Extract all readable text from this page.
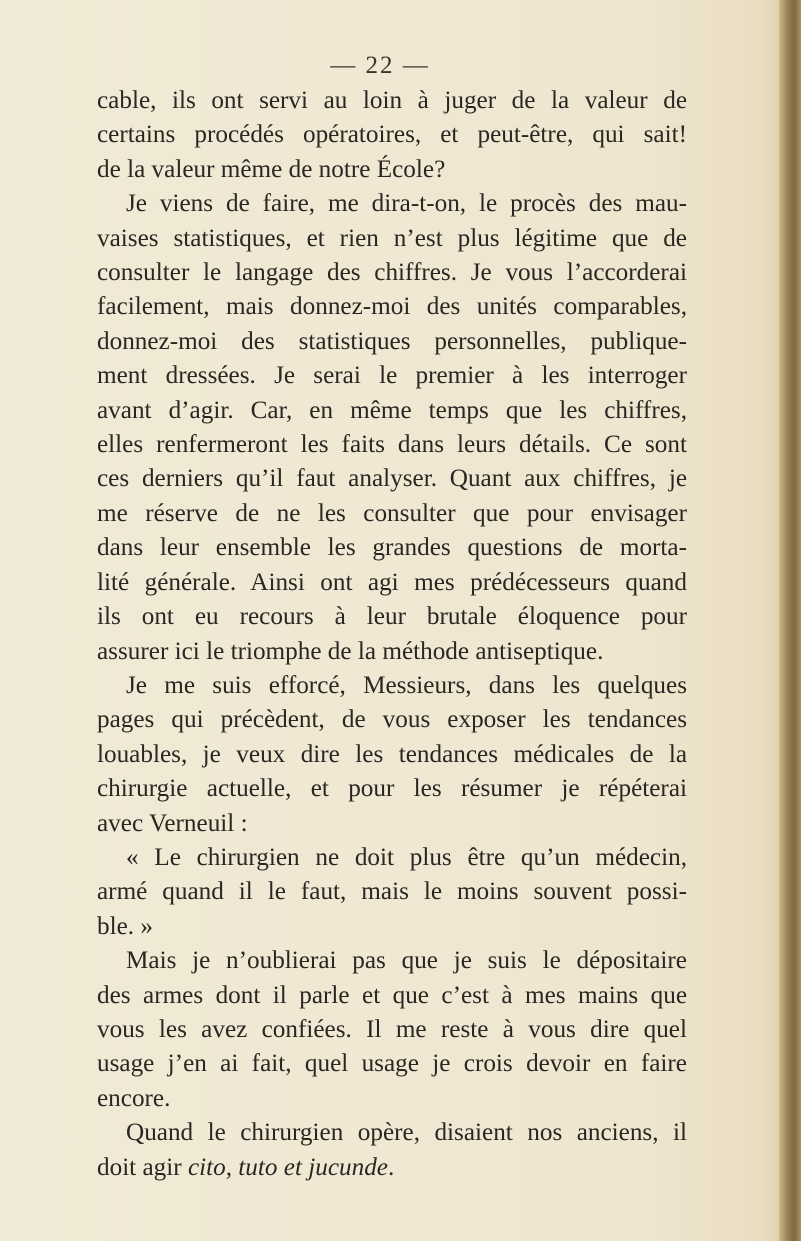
— 22 —
cable, ils ont servi au loin à juger de la valeur de
certains procédés opératoires, et peut-être, qui sait!
de la valeur même de notre École?
Je viens de faire, me dira-t-on, le procès des mau-
vaises statistiques, et rien n’est plus légitime que de
consulter le langage des chiffres. Je vous l’accorderai
facilement, mais donnez-moi des unités comparables,
donnez-moi des statistiques personnelles, publique-
ment dressées. Je serai le premier à les interroger
avant d’agir. Car, en même temps que les chiffres,
elles renfermeront les faits dans leurs détails. Ce sont
ces derniers qu’il faut analyser. Quant aux chiffres, je
me réserve de ne les consulter que pour envisager
dans leur ensemble les grandes questions de morta-
lité générale. Ainsi ont agi mes prédécesseurs quand
ils ont eu recours à leur brutale éloquence pour
assurer ici le triomphe de la méthode antiseptique.
Je me suis efforcé, Messieurs, dans les quelques
pages qui précèdent, de vous exposer les tendances
louables, je veux dire les tendances médicales de la
chirurgie actuelle, et pour les résumer je répéterai
avec Verneuil :
« Le chirurgien ne doit plus être qu’un médecin,
armé quand il le faut, mais le moins souvent possi-
ble. »
Mais je n’oublierai pas que je suis le dépositaire
des armes dont il parle et que c’est à mes mains que
vous les avez confiées. Il me reste à vous dire quel
usage j’en ai fait, quel usage je crois devoir en faire
encore.
Quand le chirurgien opère, disaient nos anciens, il
doit agir cito, tuto et jucunde.
